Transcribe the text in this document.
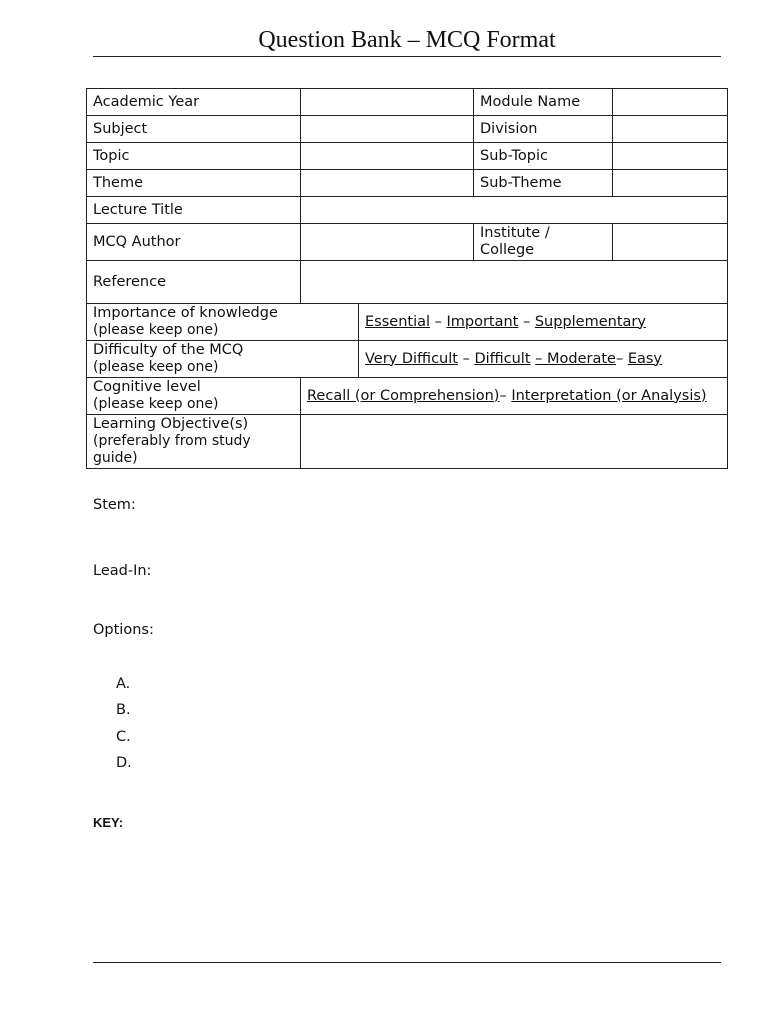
Question Bank – MCQ Format
Academic Year			Module Name	
Subject			Division	
Topic			Sub-Topic	
Theme			Sub-Theme	
Lecture Title				
MCQ Author			Institute / College	
Reference				
Importance of knowledge
(please keep one)		Essential – Important – Supplementary		
Difficulty of the MCQ
(please keep one)		Very Difficult – Difficult – Moderate– Easy		
Cognitive level
(please keep one)	Recall (or Comprehension)– Interpretation (or Analysis)			
Learning Objective(s)
(preferably from study guide)				

Stem:
Lead-In:
Options:
A.
B.
C.
D.
KEY:
